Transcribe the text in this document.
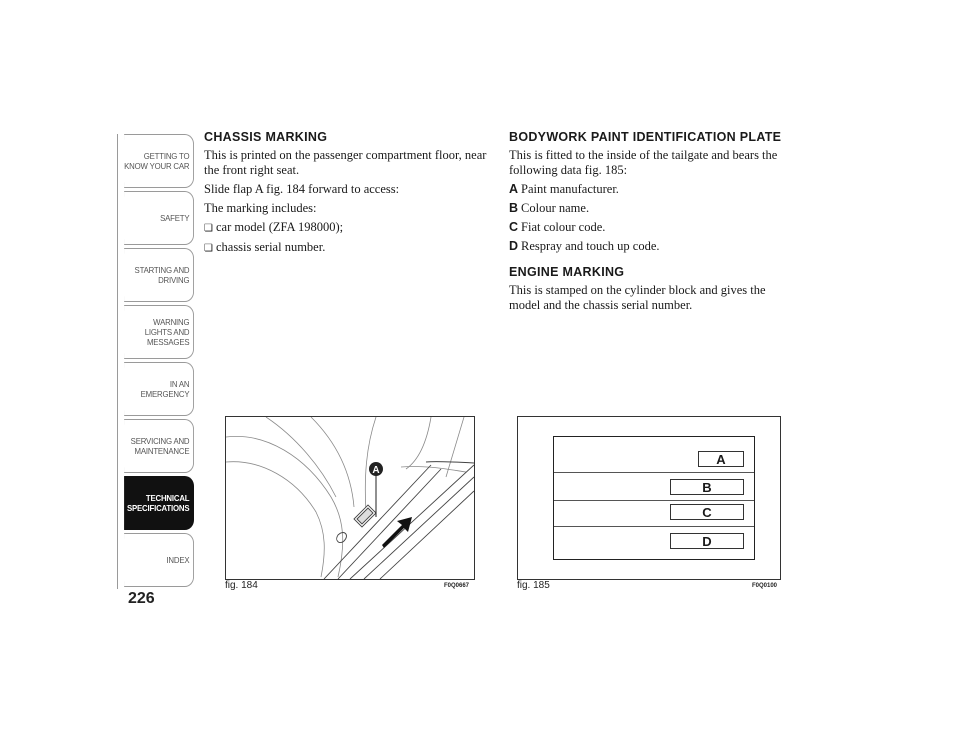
GETTING TO KNOW YOUR CAR
SAFETY
STARTING AND DRIVING
WARNING LIGHTS AND MESSAGES
IN AN EMERGENCY
SERVICING AND MAINTENANCE
TECHNICAL SPECIFICATIONS
INDEX
226
CHASSIS MARKING

This is printed on the passenger compartment floor, near the front right seat.

Slide flap A fig. 184 forward to access:

The marking includes:

❏ car model (ZFA 198000);
❏ chassis serial number.
BODYWORK PAINT IDENTIFICATION PLATE

This is fitted to the inside of the tailgate and bears the following data fig. 185:

A Paint manufacturer.
B Colour name.
C Fiat colour code.
D Respray and touch up code.
ENGINE MARKING

This is stamped on the cylinder block and gives the model and the chassis serial number.

A
fig. 184	F0Q0667
A
B
C
D
fig. 185	F0Q0100
